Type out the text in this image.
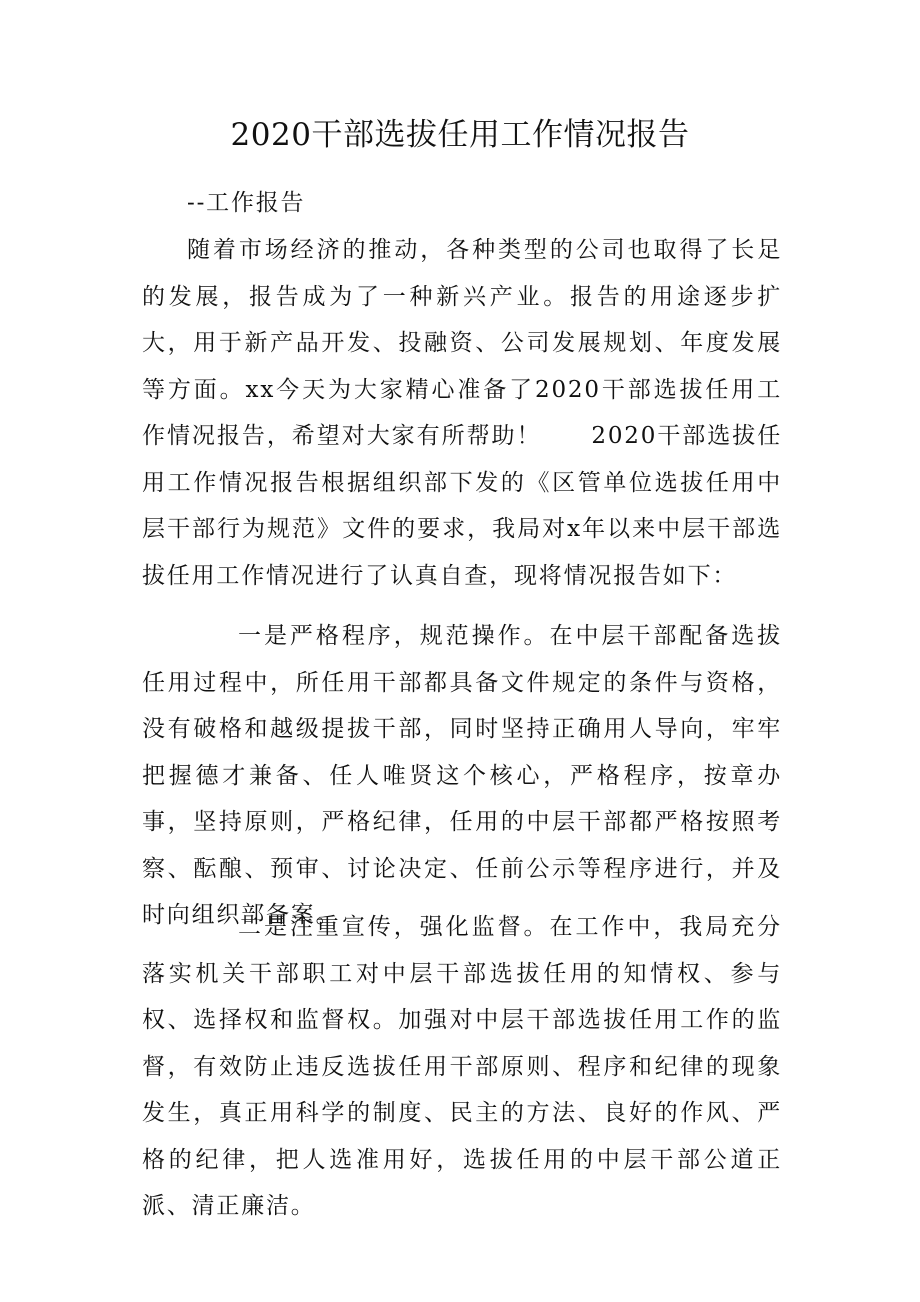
2020干部选拔任用工作情况报告

--工作报告

随着市场经济的推动，各种类型的公司也取得了长足的发展，报告成为了一种新兴产业。报告的用途逐步扩大，用于新产品开发、投融资、公司发展规划、年度发展等方面。xx今天为大家精心准备了2020干部选拔任用工作情况报告，希望对大家有所帮助！　　2020干部选拔任用工作情况报告根据组织部下发的《区管单位选拔任用中层干部行为规范》文件的要求，我局对x年以来中层干部选拔任用工作情况进行了认真自查，现将情况报告如下：

一是严格程序，规范操作。在中层干部配备选拔任用过程中，所任用干部都具备文件规定的条件与资格，没有破格和越级提拔干部，同时坚持正确用人导向，牢牢把握德才兼备、任人唯贤这个核心，严格程序，按章办事，坚持原则，严格纪律，任用的中层干部都严格按照考察、酝酿、预审、讨论决定、任前公示等程序进行，并及时向组织部备案。

二是注重宣传，强化监督。在工作中，我局充分落实机关干部职工对中层干部选拔任用的知情权、参与权、选择权和监督权。加强对中层干部选拔任用工作的监督，有效防止违反选拔任用干部原则、程序和纪律的现象发生，真正用科学的制度、民主的方法、良好的作风、严格的纪律，把人选准用好，选拔任用的中层干部公道正派、清正廉洁。
